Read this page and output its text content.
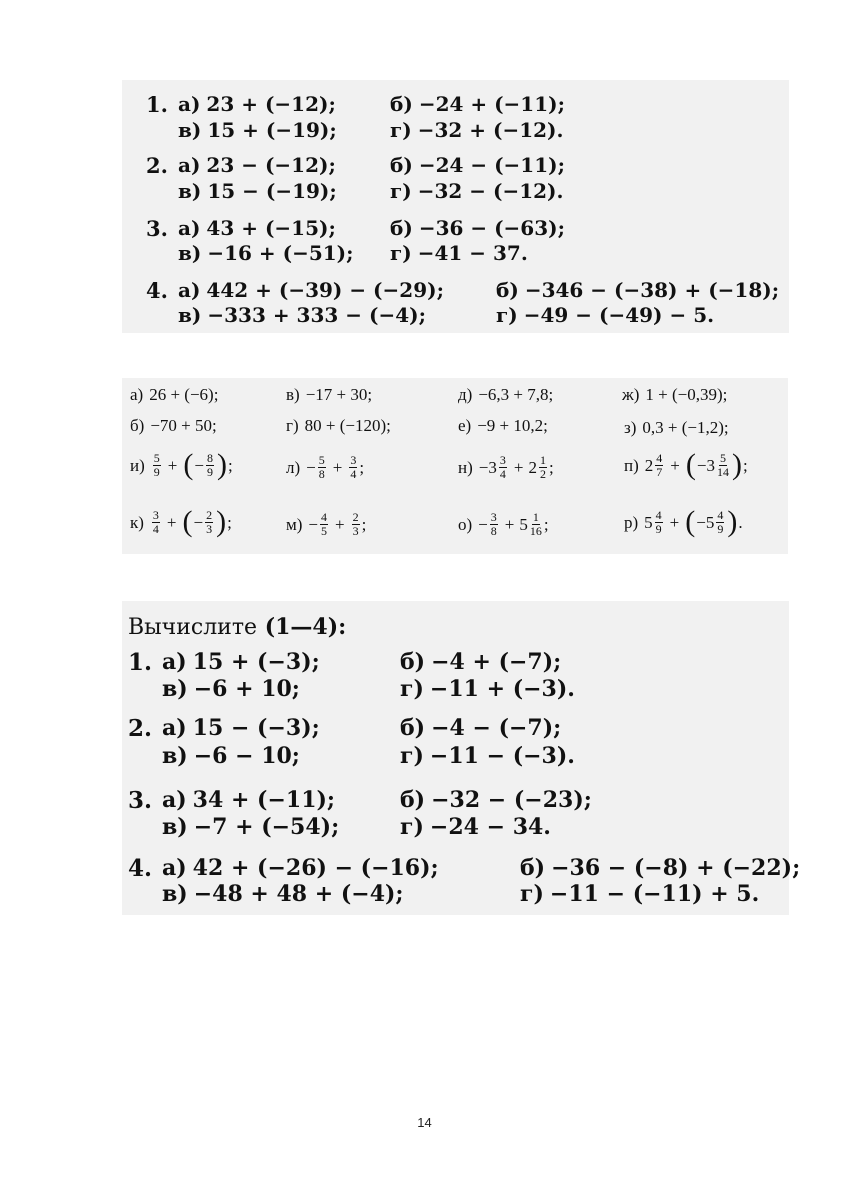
1. а) 23 + (−12);	б) −24 + (−11);
в) 15 + (−19);	г) −32 + (−12).
2. а) 23 − (−12);	б) −24 − (−11);
в) 15 − (−19);	г) −32 − (−12).
3. а) 43 + (−15);	б) −36 − (−63);
в) −16 + (−51); г) −41 − 37.
4. а) 442 + (−39) − (−29);	б) −346 − (−38) + (−18);
в) −333 + 333 − (−4);	г) −49 − (−49) − 5.
а) 26 + (−6);	в) −17 + 30;	д) −6,3 + 7,8;	ж) 1 + (−0,39);
б) −70 + 50;	г) 80 + (−120);	е) −9 + 10,2;	з) 0,3 + (−1,2);
$и) \frac{5}{9}$ + ( − $\frac{8}{9}$ ) ;	$л) - \frac{5}{8} + \frac{3}{4}$ ;	$н) -3 \frac{3}{4} + 2 \frac{1}{2}$ ;	п) $2 \frac{4}{7}$ + ( $-3 \frac{5}{14}$ ) ;
$к) \frac{3}{4}$ + ( − $\frac{2}{3}$ ) ;	$м) - \frac{4}{5} + \frac{2}{3}$ ;	$о) - \frac{3}{8} + 5 \frac{1}{16}$ ;	р) $5 \frac{4}{9}$ + ( $-5 \frac{4}{9}$ ) .
Вычислите (1—4):
1. а) 15 + (−3);	б) −4 + (−7);
в) −6 + 10;	г) −11 + (−3).
2. а) 15 − (−3);	б) −4 − (−7);
в) −6 − 10;	г) −11 − (−3).
3. а) 34 + (−11);	б) −32 − (−23);
в) −7 + (−54);	г) −24 − 34.
4. а) 42 + (−26) − (−16);	б) −36 − (−8) + (−22);
в) −48 + 48 + (−4);	г) −11 − (−11) + 5.
14
